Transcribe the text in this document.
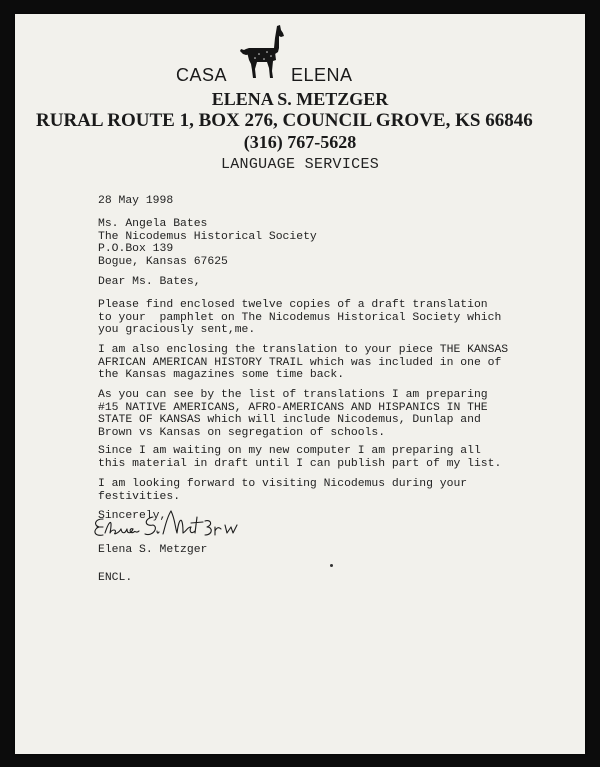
CASA	ELENA
ELENA S. METZGER
RURAL ROUTE 1, BOX 276, COUNCIL GROVE, KS 66846
(316) 767-5628
LANGUAGE SERVICES
28 May 1998
Ms. Angela Bates
The Nicodemus Historical Society
P.O.Box 139
Bogue, Kansas 67625
Dear Ms. Bates,
Please find enclosed twelve copies of a draft translation
to your  pamphlet on The Nicodemus Historical Society which
you graciously sent,me.
I am also enclosing the translation to your piece THE KANSAS
AFRICAN AMERICAN HISTORY TRAIL which was included in one of
the Kansas magazines some time back.
As you can see by the list of translations I am preparing
#15 NATIVE AMERICANS, AFRO-AMERICANS AND HISPANICS IN THE
STATE OF KANSAS which will include Nicodemus, Dunlap and
Brown vs Kansas on segregation of schools.
Since I am waiting on my new computer I am preparing all
this material in draft until I can publish part of my list.
I am looking forward to visiting Nicodemus during your
festivities.
Sincerely,
Elena S. Metzger
ENCL.
